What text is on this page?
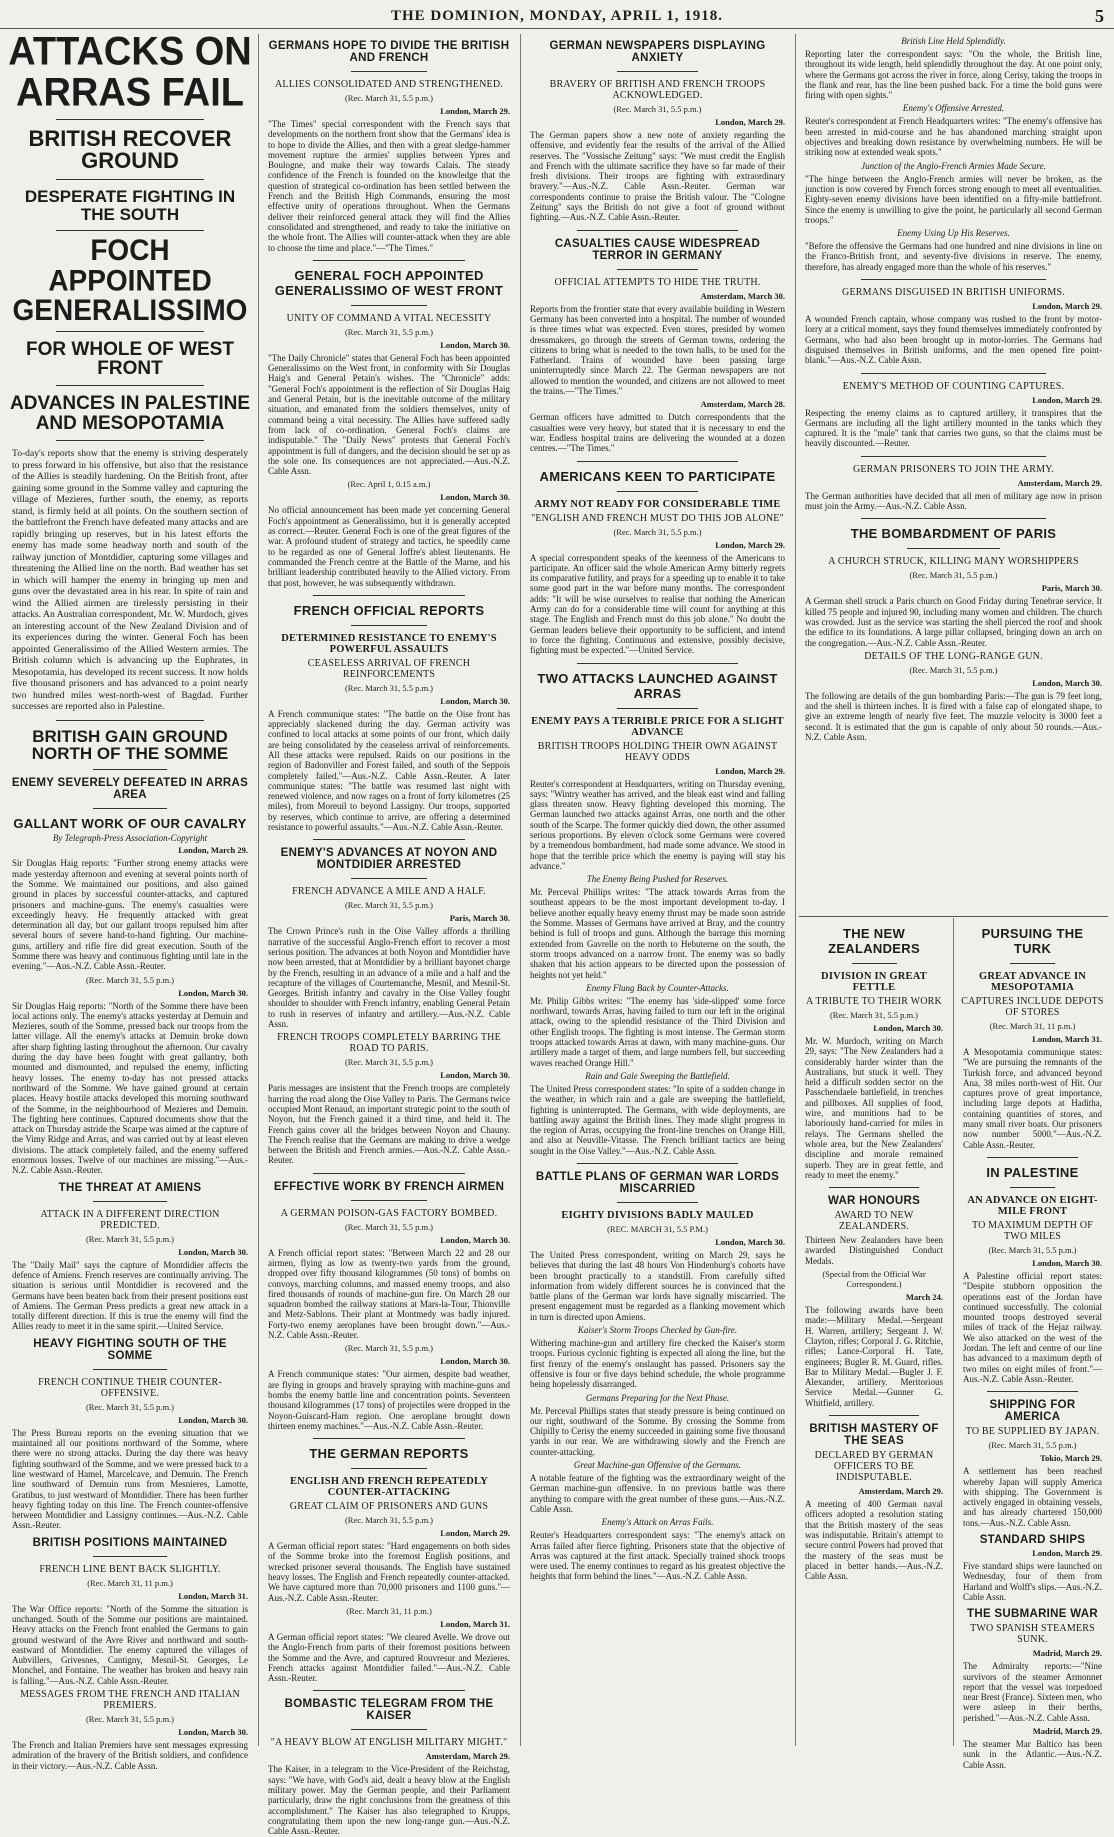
THE DOMINION, MONDAY, APRIL 1, 1918.	5
ATTACKS ON ARRAS FAIL
BRITISH RECOVER GROUND
DESPERATE FIGHTING IN THE SOUTH
FOCH APPOINTED GENERALISSIMO
FOR WHOLE OF WEST FRONT
ADVANCES IN PALESTINE AND MESOPOTAMIA
To-day's reports show that the enemy is striving desperately to press forward in his offensive, but also that the resistance of the Allies is steadily hardening. On the British front, after gaining some ground in the Somme valley and capturing the village of Mezieres, further south, the enemy, as reports stand, is firmly held at all points. On the southern section of the battlefront the French have defeated many attacks and are rapidly bringing up reserves, but in his latest efforts the enemy has made some headway north and south of the railway junction of Montdidier, capturing some villages and threatening the Allied line on the north. Bad weather has set in which will hamper the enemy in bringing up men and guns over the devastated area in his rear. In spite of rain and wind the Allied airmen are tirelessly persisting in their attacks. An Australian correspondent, Mr. W. Murdoch, gives an interesting account of the New Zealand Division and of its experiences during the winter. General Foch has been appointed Generalissimo of the Allied Western armies. The British column which is advancing up the Euphrates, in Mesopotamia, has developed its recent success. It now holds five thousand prisoners and has advanced to a point nearly two hundred miles west-north-west of Bagdad. Further successes are reported also in Palestine.
BRITISH GAIN GROUND NORTH OF THE SOMME
ENEMY SEVERELY DEFEATED IN ARRAS AREA
GALLANT WORK OF OUR CAVALRY
By Telegraph-Press Association-Copyright
London, March 29.
Sir Douglas Haig reports: "Further strong enemy attacks were made yesterday afternoon and evening at several points north of the Somme. We maintained our positions, and also gained ground in places by successful counter-attacks, and captured prisoners and machine-guns. The enemy's casualties were exceedingly heavy. He frequently attacked with great determination all day, but our gallant troops repulsed him after several hours of severe hand-to-hand fighting. Our machine-guns, artillery and rifle fire did great execution. South of the Somme there was heavy and continuous fighting until late in the evening."—Aus.-N.Z. Cable Assn.-Reuter.
(Rec. March 31, 5.5 p.m.)
London, March 30.
Sir Douglas Haig reports: "North of the Somme there have been local actions only. The enemy's attacks yesterday at Demuin and Mezieres, south of the Somme, pressed back our troops from the latter village. All the enemy's attacks at Demuin broke down after sharp fighting lasting throughout the afternoon. Our cavalry during the day have been fought with great gallantry, both mounted and dismounted, and repulsed the enemy, inflicting heavy losses. The enemy to-day has not pressed attacks northward of the Somme. We have gained ground at certain places. Heavy hostile attacks developed this morning southward of the Somme, in the neighbourhood of Mezieres and Demuin. The fighting here continues. Captured documents show that the attack on Thursday astride the Scarpe was aimed at the capture of the Vimy Ridge and Arras, and was carried out by at least eleven divisions. The attack completely failed, and the enemy suffered enormous losses. Twelve of our machines are missing."—Aus.-N.Z. Cable Assn.-Reuter.
THE THREAT AT AMIENS
ATTACK IN A DIFFERENT DIRECTION PREDICTED.
(Rec. March 31, 5.5 p.m.)
London, March 30.
The "Daily Mail" says the capture of Montdidier affects the defence of Amiens. French reserves are continually arriving. The situation is serious until Montdidier is recovered and the Germans have been beaten back from their present positions east of Amiens. The German Press predicts a great new attack in a totally different direction. If this is true the enemy will find the Allies ready to meet it in the same spirit.—United Service.
HEAVY FIGHTING SOUTH OF THE SOMME
FRENCH CONTINUE THEIR COUNTER-OFFENSIVE.
(Rec. March 31, 5.5 p.m.)
London, March 30.
The Press Bureau reports on the evening situation that we maintained all our positions northward of the Somme, where there were no strong attacks. During the day there was heavy fighting southward of the Somme, and we were pressed back to a line westward of Hamel, Marcelcave, and Demuin. The French line southward of Demuin runs from Mesnieres, Lamotte, Gratibus, to just westward of Montdidier. There has been further heavy fighting today on this line. The French counter-offensive between Montdidier and Lassigny continues.—Aus.-N.Z. Cable Assn.-Reuter.
BRITISH POSITIONS MAINTAINED
FRENCH LINE BENT BACK SLIGHTLY.
(Rec. March 31, 11 p.m.)
London, March 31.
The War Office reports: "North of the Somme the situation is unchanged. South of the Somme our positions are maintained. Heavy attacks on the French front enabled the Germans to gain ground westward of the Avre River and northward and south-eastward of Montdidier. The enemy captured the villages of Aubvillers, Grivesnes, Cantigny, Mesnil-St. Georges, Le Monchel, and Fontaine. The weather has broken and heavy rain is falling."—Aus.-N.Z. Cable Assn.-Reuter.
MESSAGES FROM THE FRENCH AND ITALIAN PREMIERS.
(Rec. March 31, 5.5 p.m.)
London, March 30.
The French and Italian Premiers have sent messages expressing admiration of the bravery of the British soldiers, and confidence in their victory.—Aus.-N.Z. Cable Assn.
GERMANS HOPE TO DIVIDE THE BRITISH AND FRENCH
ALLIES CONSOLIDATED AND STRENGTHENED.
(Rec. March 31, 5.5 p.m.)
London, March 29.
"The Times" special correspondent with the French says that developments on the northern front show that the Germans' idea is to hope to divide the Allies, and then with a great sledge-hammer movement rupture the armies' supplies between Ypres and Boulogne, and make their way towards Calais. The steady confidence of the French is founded on the knowledge that the question of strategical co-ordination has been settled between the French and the British High Commands, ensuring the most effective unity of operations throughout. When the Germans deliver their reinforced general attack they will find the Allies consolidated and strengthened, and ready to take the initiative on the whole front. The Allies will counter-attack when they are able to choose the time and place."—"The Times."
GENERAL FOCH APPOINTED GENERALISSIMO OF WEST FRONT
UNITY OF COMMAND A VITAL NECESSITY
(Rec. March 31, 5.5 p.m.)
London, March 30.
"The Daily Chronicle" states that General Foch has been appointed Generalissimo on the West front, in conformity with Sir Douglas Haig's and General Petain's wishes. The "Chronicle" adds: "General Foch's appointment is the reflection of Sir Douglas Haig and General Petain, but is the inevitable outcome of the military situation, and emanated from the soldiers themselves, unity of command being a vital necessity. The Allies have suffered sadly from lack of co-ordination. General Foch's claims are indisputable." The "Daily News" protests that General Foch's appointment is full of dangers, and the decision should be set up as the sole one. Its consequences are not appreciated.—Aus.-N.Z. Cable Assn.
(Rec. April 1, 0.15 a.m.)
London, March 30.
No official announcement has been made yet concerning General Foch's appointment as Generalissimo, but it is generally accepted as correct.—Reuter. General Foch is one of the great figures of the war. A profound student of strategy and tactics, he speedily came to be regarded as one of General Joffre's ablest lieutenants. He commanded the French centre at the Battle of the Marne, and his brilliant leadership contributed heavily to the Allied victory. From that post, however, he was subsequently withdrawn.
FRENCH OFFICIAL REPORTS
DETERMINED RESISTANCE TO ENEMY'S POWERFUL ASSAULTS
CEASELESS ARRIVAL OF FRENCH REINFORCEMENTS
(Rec. March 31, 5.5 p.m.)
London, March 30.
A French communique states: "The battle on the Oise front has appreciably slackened during the day. German activity was confined to local attacks at some points of our front, which daily are being consolidated by the ceaseless arrival of reinforcements. All these attacks were repulsed. Raids on our positions in the region of Badonviller and Forest failed, and south of the Seppois completely failed."—Aus.-N.Z. Cable Assn.-Reuter. A later communique states: "The battle was resumed last night with renewed violence, and now rages on a front of forty kilometres (25 miles), from Moreuil to beyond Lassigny. Our troops, supported by reserves, which continue to arrive, are offering a determined resistance to powerful assaults."—Aus.-N.Z. Cable Assn.-Reuter.
ENEMY'S ADVANCES AT NOYON AND MONTDIDIER ARRESTED
FRENCH ADVANCE A MILE AND A HALF.
(Rec. March 31, 5.5 p.m.)
Paris, March 30.
The Crown Prince's rush in the Oise Valley affords a thrilling narrative of the successful Anglo-French effort to recover a most serious position. The advances at both Noyon and Montdidier have now been arrested, that at Montdidier by a brilliant bayonet charge by the French, resulting in an advance of a mile and a half and the recapture of the villages of Courtemanche, Mesnil, and Mesnil-St. Georges. British infantry and cavalry in the Oise Valley fought shoulder to shoulder with French infantry, enabling General Petain to rush in reserves of infantry and artillery.—Aus.-N.Z. Cable Assn.
FRENCH TROOPS COMPLETELY BARRING THE ROAD TO PARIS.
(Rec. March 31, 5.5 p.m.)
London, March 30.
Paris messages are insistent that the French troops are completely barring the road along the Oise Valley to Paris. The Germans twice occupied Mont Renaud, an important strategic point to the south of Noyon, but the French gained it a third time, and held it. The French gains cover all the bridges between Noyon and Chauny. The French realise that the Germans are making to drive a wedge between the British and French armies.—Aus.-N.Z. Cable Assn.-Reuter.
EFFECTIVE WORK BY FRENCH AIRMEN
A GERMAN POISON-GAS FACTORY BOMBED.
(Rec. March 31, 5.5 p.m.)
London, March 30.
A French official report states: "Between March 22 and 28 our airmen, flying as low as twenty-two yards from the ground, dropped over fifty thousand kilogrammes (50 tons) of bombs on convoys, marching columns, and massed enemy troops, and also fired thousands of rounds of machine-gun fire. On March 28 our squadron bombed the railway stations at Mars-la-Tour, Thionville and Metz-Sablons. Their plant at Montmedy was badly injured. Forty-two enemy aeroplanes have been brought down."—Aus.-N.Z. Cable Assn.-Reuter.
(Rec. March 31, 5.5 p.m.)
London, March 30.
A French communique states: "Our airmen, despite bad weather, are flying in groups and bravely spraying with machine-guns and bombs the enemy battle line and concentration points. Seventeen thousand kilogrammes (17 tons) of projectiles were dropped in the Noyon-Guiscard-Ham region. One aeroplane brought down thirteen enemy machines."—Aus.-N.Z. Cable Assn.-Reuter.
THE GERMAN REPORTS
ENGLISH AND FRENCH REPEATEDLY COUNTER-ATTACKING
GREAT CLAIM OF PRISONERS AND GUNS
(Rec. March 31, 5.5 p.m.)
London, March 29.
A German official report states: "Hard engagements on both sides of the Somme broke into the foremost English positions, and wrecked prisoner several thousands. The English have sustained heavy losses. The English and French repeatedly counter-attacked. We have captured more than 70,000 prisoners and 1100 guns."—Aus.-N.Z. Cable Assn.-Reuter.
(Rec. March 31, 11 p.m.)
London, March 31.
A German official report states: "We cleared Avelle. We drove out the Anglo-French from parts of their foremost positions between the Somme and the Avre, and captured Rouvresur and Mezieres. French attacks against Montdidier failed."—Aus.-N.Z. Cable Assn.-Reuter.
BOMBASTIC TELEGRAM FROM THE KAISER
"A HEAVY BLOW AT ENGLISH MILITARY MIGHT."
Amsterdam, March 29.
The Kaiser, in a telegram to the Vice-President of the Reichstag, says: "We have, with God's aid, dealt a heavy blow at the English military power. May the German people, and their Parliament particularly, draw the right conclusions from the greatness of this accomplishment." The Kaiser has also telegraphed to Krupps, congratulating them upon the new long-range gun.—Aus.-N.Z. Cable Assn.-Reuter.
GERMAN NEWSPAPERS DISPLAYING ANXIETY
BRAVERY OF BRITISH AND FRENCH TROOPS ACKNOWLEDGED.
(Rec. March 31, 5.5 p.m.)
London, March 29.
The German papers show a new note of anxiety regarding the offensive, and evidently fear the results of the arrival of the Allied reserves. The "Vossische Zeitung" says: "We must credit the English and French with the ultimate sacrifice they have so far made of their fresh divisions. Their troops are fighting with extraordinary bravery."—Aus.-N.Z. Cable Assn.-Reuter. German war correspondents continue to praise the British valour. The "Cologne Zeitung" says the British do not give a foot of ground without fighting.—Aus.-N.Z. Cable Assn.-Reuter.
CASUALTIES CAUSE WIDESPREAD TERROR IN GERMANY
OFFICIAL ATTEMPTS TO HIDE THE TRUTH.
Amsterdam, March 30.
Reports from the frontier state that every available building in Western Germany has been converted into a hospital. The number of wounded is three times what was expected. Even stores, presided by women dressmakers, go through the streets of German towns, ordering the citizens to bring what is needed to the town halls, to be used for the Fatherland. Trains of wounded have been passing large uninterruptedly since March 22. The German newspapers are not allowed to mention the wounded, and citizens are not allowed to meet the trains.—"The Times."
Amsterdam, March 28.
German officers have admitted to Dutch correspondents that the casualties were very heavy, but stated that it is necessary to end the war. Endless hospital trains are delivering the wounded at a dozen centres.—"The Times."
AMERICANS KEEN TO PARTICIPATE
ARMY NOT READY FOR CONSIDERABLE TIME
"ENGLISH AND FRENCH MUST DO THIS JOB ALONE"
(Rec. March 31, 5.5 p.m.)
London, March 29.
A special correspondent speaks of the keenness of the Americans to participate. An officer said the whole American Army bitterly regrets its comparative futility, and prays for a speeding up to enable it to take some good part in the war before many months. The correspondent adds: "It will be wise ourselves to realise that nothing the American Army can do for a considerable time will count for anything at this stage. The English and French must do this job alone." No doubt the German leaders believe their opportunity to be sufficient, and intend to force the fighting. Continuous and extensive, possibly decisive, fighting must be expected."—United Service.
TWO ATTACKS LAUNCHED AGAINST ARRAS
ENEMY PAYS A TERRIBLE PRICE FOR A SLIGHT ADVANCE
BRITISH TROOPS HOLDING THEIR OWN AGAINST HEAVY ODDS
London, March 29.
Reuter's correspondent at Headquarters, writing on Thursday evening, says: "Wintry weather has arrived, and the bleak east wind and falling glass threaten snow. Heavy fighting developed this morning. The German launched two attacks against Arras, one north and the other south of the Scarpe. The former quickly died down, the other assumed serious proportions. By eleven o'clock some Germans were covered by a tremendous bombardment, had made some advance. We stood in hope that the terrible price which the enemy is paying will stay his advance."
The Enemy Being Pushed for Reserves.
Mr. Perceval Phillips writes: "The attack towards Arras from the southeast appears to be the most important development to-day. I believe another equally heavy enemy thrust may be made soon astride the Somme. Masses of Germans have arrived at Bray, and the country behind is full of troops and guns. Although the barrage this morning extended from Gavrelle on the north to Hebuterne on the south, the storm troops advanced on a narrow front. The enemy was so badly shaken that his action appears to be directed upon the possession of heights not yet held."
Enemy Flung Back by Counter-Attacks.
Mr. Philip Gibbs writes: "The enemy has 'side-slipped' some force northward, towards Arras, having failed to turn our left in the original attack, owing to the splendid resistance of the Third Division and other English troops. The fighting is most intense. The German storm troops attacked towards Arras at dawn, with many machine-guns. Our artillery made a target of them, and large numbers fell, but succeeding waves reached Orange Hill."
Rain and Gale Sweeping the Battlefield.
The United Press correspondent states: "In spite of a sudden change in the weather, in which rain and a gale are sweeping the battlefield, fighting is uninterrupted. The Germans, with wide deployments, are battling away against the British lines. They made slight progress in the region of Arras, occupying the front-line trenches on Orange Hill, and also at Neuville-Vitasse. The French brilliant tactics are being sought in the Oise Valley."—Aus.-N.Z. Cable Assn.
BATTLE PLANS OF GERMAN WAR LORDS MISCARRIED
EIGHTY DIVISIONS BADLY MAULED
(REC. MARCH 31, 5.5 P.M.)
London, March 30.
The United Press correspondent, writing on March 29, says he believes that during the last 48 hours Von Hindenburg's cohorts have been brought practically to a standstill. From carefully sifted information from widely different sources he is convinced that the battle plans of the German war lords have signally miscarried. The present engagement must be regarded as a flanking movement which in turn is directed upon Amiens.
Kaiser's Storm Troops Checked by Gun-fire.
Withering machine-gun and artillery fire checked the Kaiser's storm troops. Furious cyclonic fighting is expected all along the line, but the first frenzy of the enemy's onslaught has passed. Prisoners say the offensive is four or five days behind schedule, the whole programme being hopelessly disarranged.
Germans Preparing for the Next Phase.
Mr. Perceval Phillips states that steady pressure is being continued on our right, southward of the Somme. By crossing the Somme from Chipilly to Cerisy the enemy succeeded in gaining some five thousand yards in our rear. We are withdrawing slowly and the French are counter-attacking.
Great Machine-gun Offensive of the Germans.
A notable feature of the fighting was the extraordinary weight of the German machine-gun offensive. In no previous battle was there anything to compare with the great number of these guns.—Aus.-N.Z. Cable Assn.
Enemy's Attack on Arras Fails.
Reuter's Headquarters correspondent says: "The enemy's attack on Arras failed after fierce fighting. Prisoners state that the objective of Arras was captured at the first attack. Specially trained shock troops were used. The enemy continues to regard as his greatest objective the heights that form behind the lines."—Aus.-N.Z. Cable Assn.
British Line Held Splendidly.
Reporting later the correspondent says: "On the whole, the British line, throughout its wide length, held splendidly throughout the day. At one point only, where the Germans got across the river in force, along Cerisy, taking the troops in the flank and rear, has the line been pushed back. For a time the bold guns were firing with open sights."
Enemy's Offensive Arrested.
Reuter's correspondent at French Headquarters writes: "The enemy's offensive has been arrested in mid-course and he has abandoned marching straight upon objectives and breaking down resistance by overwhelming numbers. He will be striking now at extended weak spots."
Junction of the Anglo-French Armies Made Secure.
"The hinge between the Anglo-French armies will never be broken, as the junction is now covered by French forces strong enough to meet all eventualities. Eighty-seven enemy divisions have been identified on a fifty-mile battlefront. Since the enemy is unwilling to give the point, he particularly all second German troops."
Enemy Using Up His Reserves.
"Before the offensive the Germans had one hundred and nine divisions in line on the Franco-British front, and seventy-five divisions in reserve. The enemy, therefore, has already engaged more than the whole of his reserves."
GERMANS DISGUISED IN BRITISH UNIFORMS.
London, March 29.
A wounded French captain, whose company was rushed to the front by motor-lorry at a critical moment, says they found themselves immediately confronted by Germans, who had also been brought up in motor-lorries. The Germans had disguised themselves in British uniforms, and the men opened fire point-blank."—Aus.-N.Z. Cable Assn.
ENEMY'S METHOD OF COUNTING CAPTURES.
London, March 29.
Respecting the enemy claims as to captured artillery, it transpires that the Germans are including all the light artillery mounted in the tanks which they captured. It is the "male" tank that carries two guns, so that the claims must be heavily discounted.—Reuter.
GERMAN PRISONERS TO JOIN THE ARMY.
Amsterdam, March 29.
The German authorities have decided that all men of military age now in prison must join the Army.—Aus.-N.Z. Cable Assn.
THE BOMBARDMENT OF PARIS
A CHURCH STRUCK, KILLING MANY WORSHIPPERS
(Rec. March 31, 5.5 p.m.)
Paris, March 30.
A German shell struck a Paris church on Good Friday during Tenebrae service. It killed 75 people and injured 90, including many women and children. The church was crowded. Just as the service was starting the shell pierced the roof and shook the edifice to its foundations. A large pillar collapsed, bringing down an arch on the congregation.—Aus.-N.Z. Cable Assn.-Reuter.
DETAILS OF THE LONG-RANGE GUN.
(Rec. March 31, 5.5 p.m.)
London, March 30.
The following are details of the gun bombarding Paris:—The gun is 79 feet long, and the shell is thirteen inches. It is fired with a false cap of elongated shape, to give an extreme length of nearly five feet. The muzzle velocity is 3000 feet a second. It is estimated that the gun is capable of only about 50 rounds.—Aus.-N.Z. Cable Assn.
THE NEW ZEALANDERS
DIVISION IN GREAT FETTLE
A TRIBUTE TO THEIR WORK
(Rec. March 31, 5.5 p.m.)
London, March 30.
Mr. W. Murdoch, writing on March 29, says: "The New Zealanders had a considerably harder winter than the Australians, but stuck it well. They held a difficult sodden sector on the Passchendaele battlefield, in trenches and pillboxes. All supplies of food, wire, and munitions had to be laboriously hand-carried for miles in relays. The Germans shelled the whole area, but the New Zealanders' discipline and morale remained superb. They are in great fettle, and ready to meet the enemy."
WAR HONOURS
AWARD TO NEW ZEALANDERS.
Thirteen New Zealanders have been awarded Distinguished Conduct Medals.
(Special from the Official War Correspondent.)
March 24.
The following awards have been made:—Military Medal.—Sergeant H. Warren, artillery; Sergeant J. W. Clayton, rifles; Corporal J. G. Ritchie, rifles; Lance-Corporal H. Tate, engineers; Bugler R. M. Guard, rifles. Bar to Military Medal.—Bugler J. F. Alexander, artillery. Meritorious Service Medal.—Gunner G. Whitfield, artillery.
BRITISH MASTERY OF THE SEAS
DECLARED BY GERMAN OFFICERS TO BE INDISPUTABLE.
Amsterdam, March 29.
A meeting of 400 German naval officers adopted a resolution stating that the British mastery of the seas was indisputable. Britain's attempt to secure control Powers had proved that the mastery of the seas must be placed in better hands.—Aus.-N.Z. Cable Assn.
PURSUING THE TURK
GREAT ADVANCE IN MESOPOTAMIA
CAPTURES INCLUDE DEPOTS OF STORES
(Rec. March 31, 11 p.m.)
London, March 31.
A Mesopotamia communique states: "We are pursuing the remnants of the Turkish force, and advanced beyond Ana, 38 miles north-west of Hit. Our captures prove of great importance, including large depots at Haditha, containing quantities of stores, and many small river boats. Our prisoners now number 5000."—Aus.-N.Z. Cable Assn.-Reuter.
IN PALESTINE
AN ADVANCE ON EIGHT-MILE FRONT
TO MAXIMUM DEPTH OF TWO MILES
(Rec. March 31, 5.5 p.m.)
London, March 30.
A Palestine official report states: "Despite stubborn opposition the operations east of the Jordan have continued successfully. The colonial mounted troops destroyed several miles of track of the Hejaz railway. We also attacked on the west of the Jordan. The left and centre of our line has advanced to a maximum depth of two miles on eight miles of front."—Aus.-N.Z. Cable Assn.-Reuter.
SHIPPING FOR AMERICA
TO BE SUPPLIED BY JAPAN.
(Rec. March 31, 5.5 p.m.)
Tokio, March 29.
A settlement has been reached whereby Japan will supply America with shipping. The Government is actively engaged in obtaining vessels, and has already chartered 150,000 tons.—Aus.-N.Z. Cable Assn.
STANDARD SHIPS
London, March 29.
Five standard ships were launched on Wednesday, four of them from Harland and Wolff's slips.—Aus.-N.Z. Cable Assn.
THE SUBMARINE WAR
TWO SPANISH STEAMERS SUNK.
Madrid, March 29.
The Admiralty reports:—"Nine survivors of the steamer Armonnet report that the vessel was torpedoed near Brest (France). Sixteen men, who were asleep in their berths, perished."—Aus.-N.Z. Cable Assn.
Madrid, March 29.
The steamer Mar Baltico has been sunk in the Atlantic.—Aus.-N.Z. Cable Assn.
